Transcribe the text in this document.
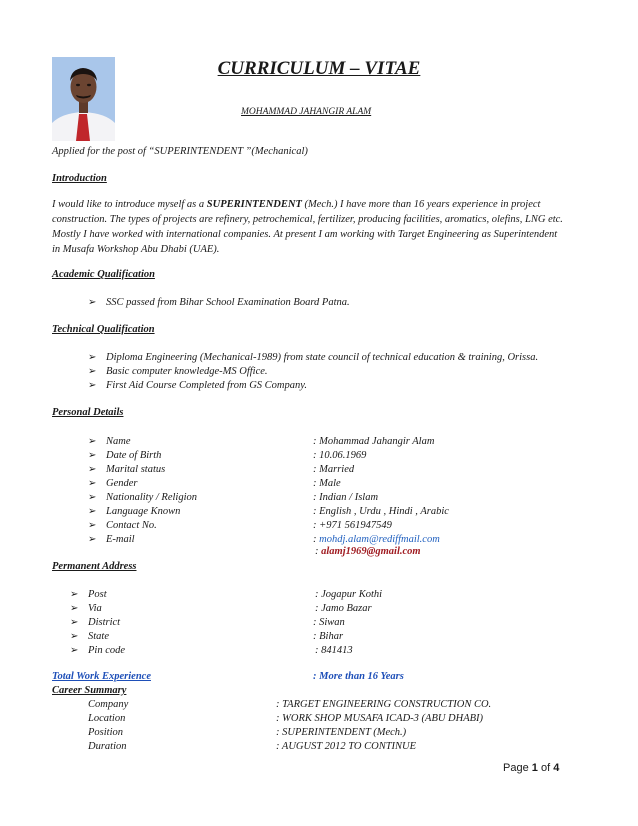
CURRICULUM – VITAE
MOHAMMAD JAHANGIR ALAM
Applied for the post of “SUPERINTENDENT ”(Mechanical)
Introduction
I would like to introduce myself as a SUPERINTENDENT (Mech.) I have more than 16 years experience in project
construction. The types of projects are refinery, petrochemical, fertilizer, producing facilities, aromatics, olefins, LNG etc.
Mostly I have worked with international companies. At present I am working with Target Engineering as Superintendent
in Musafa Workshop Abu Dhabi (UAE).
Academic Qualification
➢ SSC passed from Bihar School Examination Board Patna.
Technical Qualification
➢ Diploma Engineering (Mechanical-1989) from state council of technical education & training, Orissa.
➢ Basic computer knowledge-MS Office.
➢ First Aid Course Completed from GS Company.
Personal Details
➢ Name	: Mohammad Jahangir Alam
➢ Date of Birth	: 10.06.1969
➢ Marital status	: Married
➢ Gender	: Male
➢ Nationality / Religion	: Indian / Islam
➢ Language Known	: English , Urdu , Hindi , Arabic
➢ Contact No.	: +971 561947549
➢ E-mail	: mohdj.alam@rediffmail.com
: alamj1969@gmail.com
Permanent Address
➢ Post	: Jogapur Kothi
➢ Via	: Jamo Bazar
➢ District	: Siwan
➢ State	: Bihar
➢ Pin code	: 841413
Total Work Experience	: More than 16 Years
Career Summary
Company	: TARGET ENGINEERING CONSTRUCTION CO.
Location	: WORK SHOP MUSAFA ICAD-3 (ABU DHABI)
Position	: SUPERINTENDENT (Mech.)
Duration	: AUGUST 2012 TO CONTINUE
Page 1 of 4
